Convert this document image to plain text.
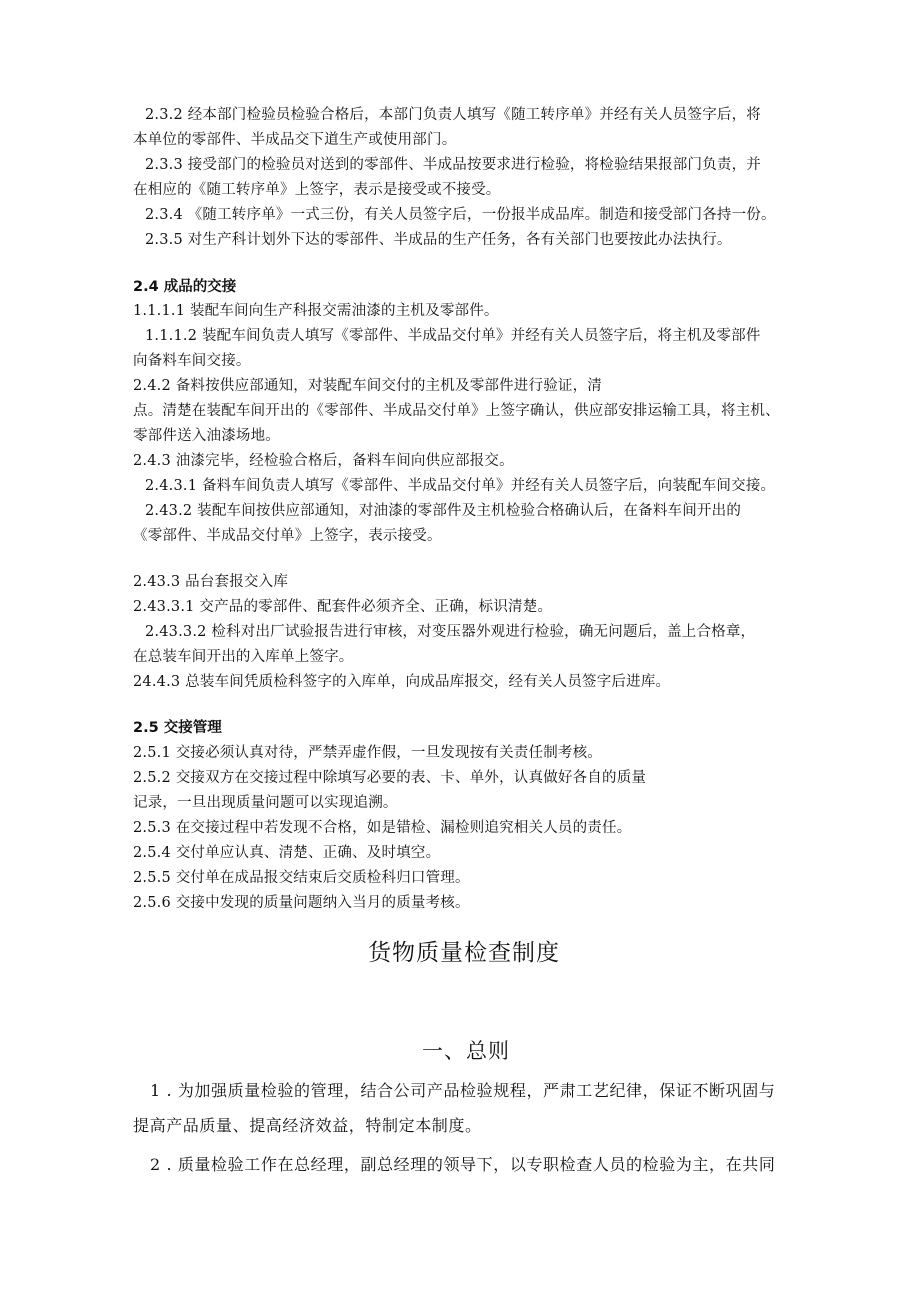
2.3.2 经本部门检验员检验合格后，本部门负责人填写《随工转序单》并经有关人员签字后，将
本单位的零部件、半成品交下道生产或使用部门。
2.3.3 接受部门的检验员对送到的零部件、半成品按要求进行检验，将检验结果报部门负责，并
在相应的《随工转序单》上签字，表示是接受或不接受。
2.3.4 《随工转序单》一式三份，有关人员签字后，一份报半成品库。制造和接受部门各持一份。
2.3.5 对生产科计划外下达的零部件、半成品的生产任务，各有关部门也要按此办法执行。
2.4 成品的交接
1.1.1.1 装配车间向生产科报交需油漆的主机及零部件。
1.1.1.2 装配车间负责人填写《零部件、半成品交付单》并经有关人员签字后，将主机及零部件
向备料车间交接。
2.4.2 备料按供应部通知，对装配车间交付的主机及零部件进行验证，清
点。清楚在装配车间开出的《零部件、半成品交付单》上签字确认，供应部安排运输工具，将主机、
零部件送入油漆场地。
2.4.3 油漆完毕，经检验合格后，备料车间向供应部报交。
2.4.3.1 备料车间负责人填写《零部件、半成品交付单》并经有关人员签字后，向装配车间交接。
2.43.2 装配车间按供应部通知，对油漆的零部件及主机检验合格确认后，在备料车间开出的
《零部件、半成品交付单》上签字，表示接受。
2.43.3 品台套报交入库
2.43.3.1 交产品的零部件、配套件必须齐全、正确，标识清楚。
2.43.3.2 检科对出厂试验报告进行审核，对变压器外观进行检验，确无问题后，盖上合格章，
在总装车间开出的入库单上签字。
24.4.3 总装车间凭质检科签字的入库单，向成品库报交，经有关人员签字后进库。
2.5 交接管理
2.5.1 交接必须认真对待，严禁弄虚作假，一旦发现按有关责任制考核。
2.5.2 交接双方在交接过程中除填写必要的表、卡、单外，认真做好各自的质量
记录，一旦出现质量问题可以实现追溯。
2.5.3 在交接过程中若发现不合格，如是错检、漏检则追究相关人员的责任。
2.5.4 交付单应认真、清楚、正确、及时填空。
2.5.5 交付单在成品报交结束后交质检科归口管理。
2.5.6 交接中发现的质量问题纳入当月的质量考核。
货物质量检查制度
一、总则
1 . 为加强质量检验的管理，结合公司产品检验规程，严肃工艺纪律，保证不断巩固与
提高产品质量、提高经济效益，特制定本制度。
2 . 质量检验工作在总经理，副总经理的领导下，以专职检查人员的检验为主，在共同
